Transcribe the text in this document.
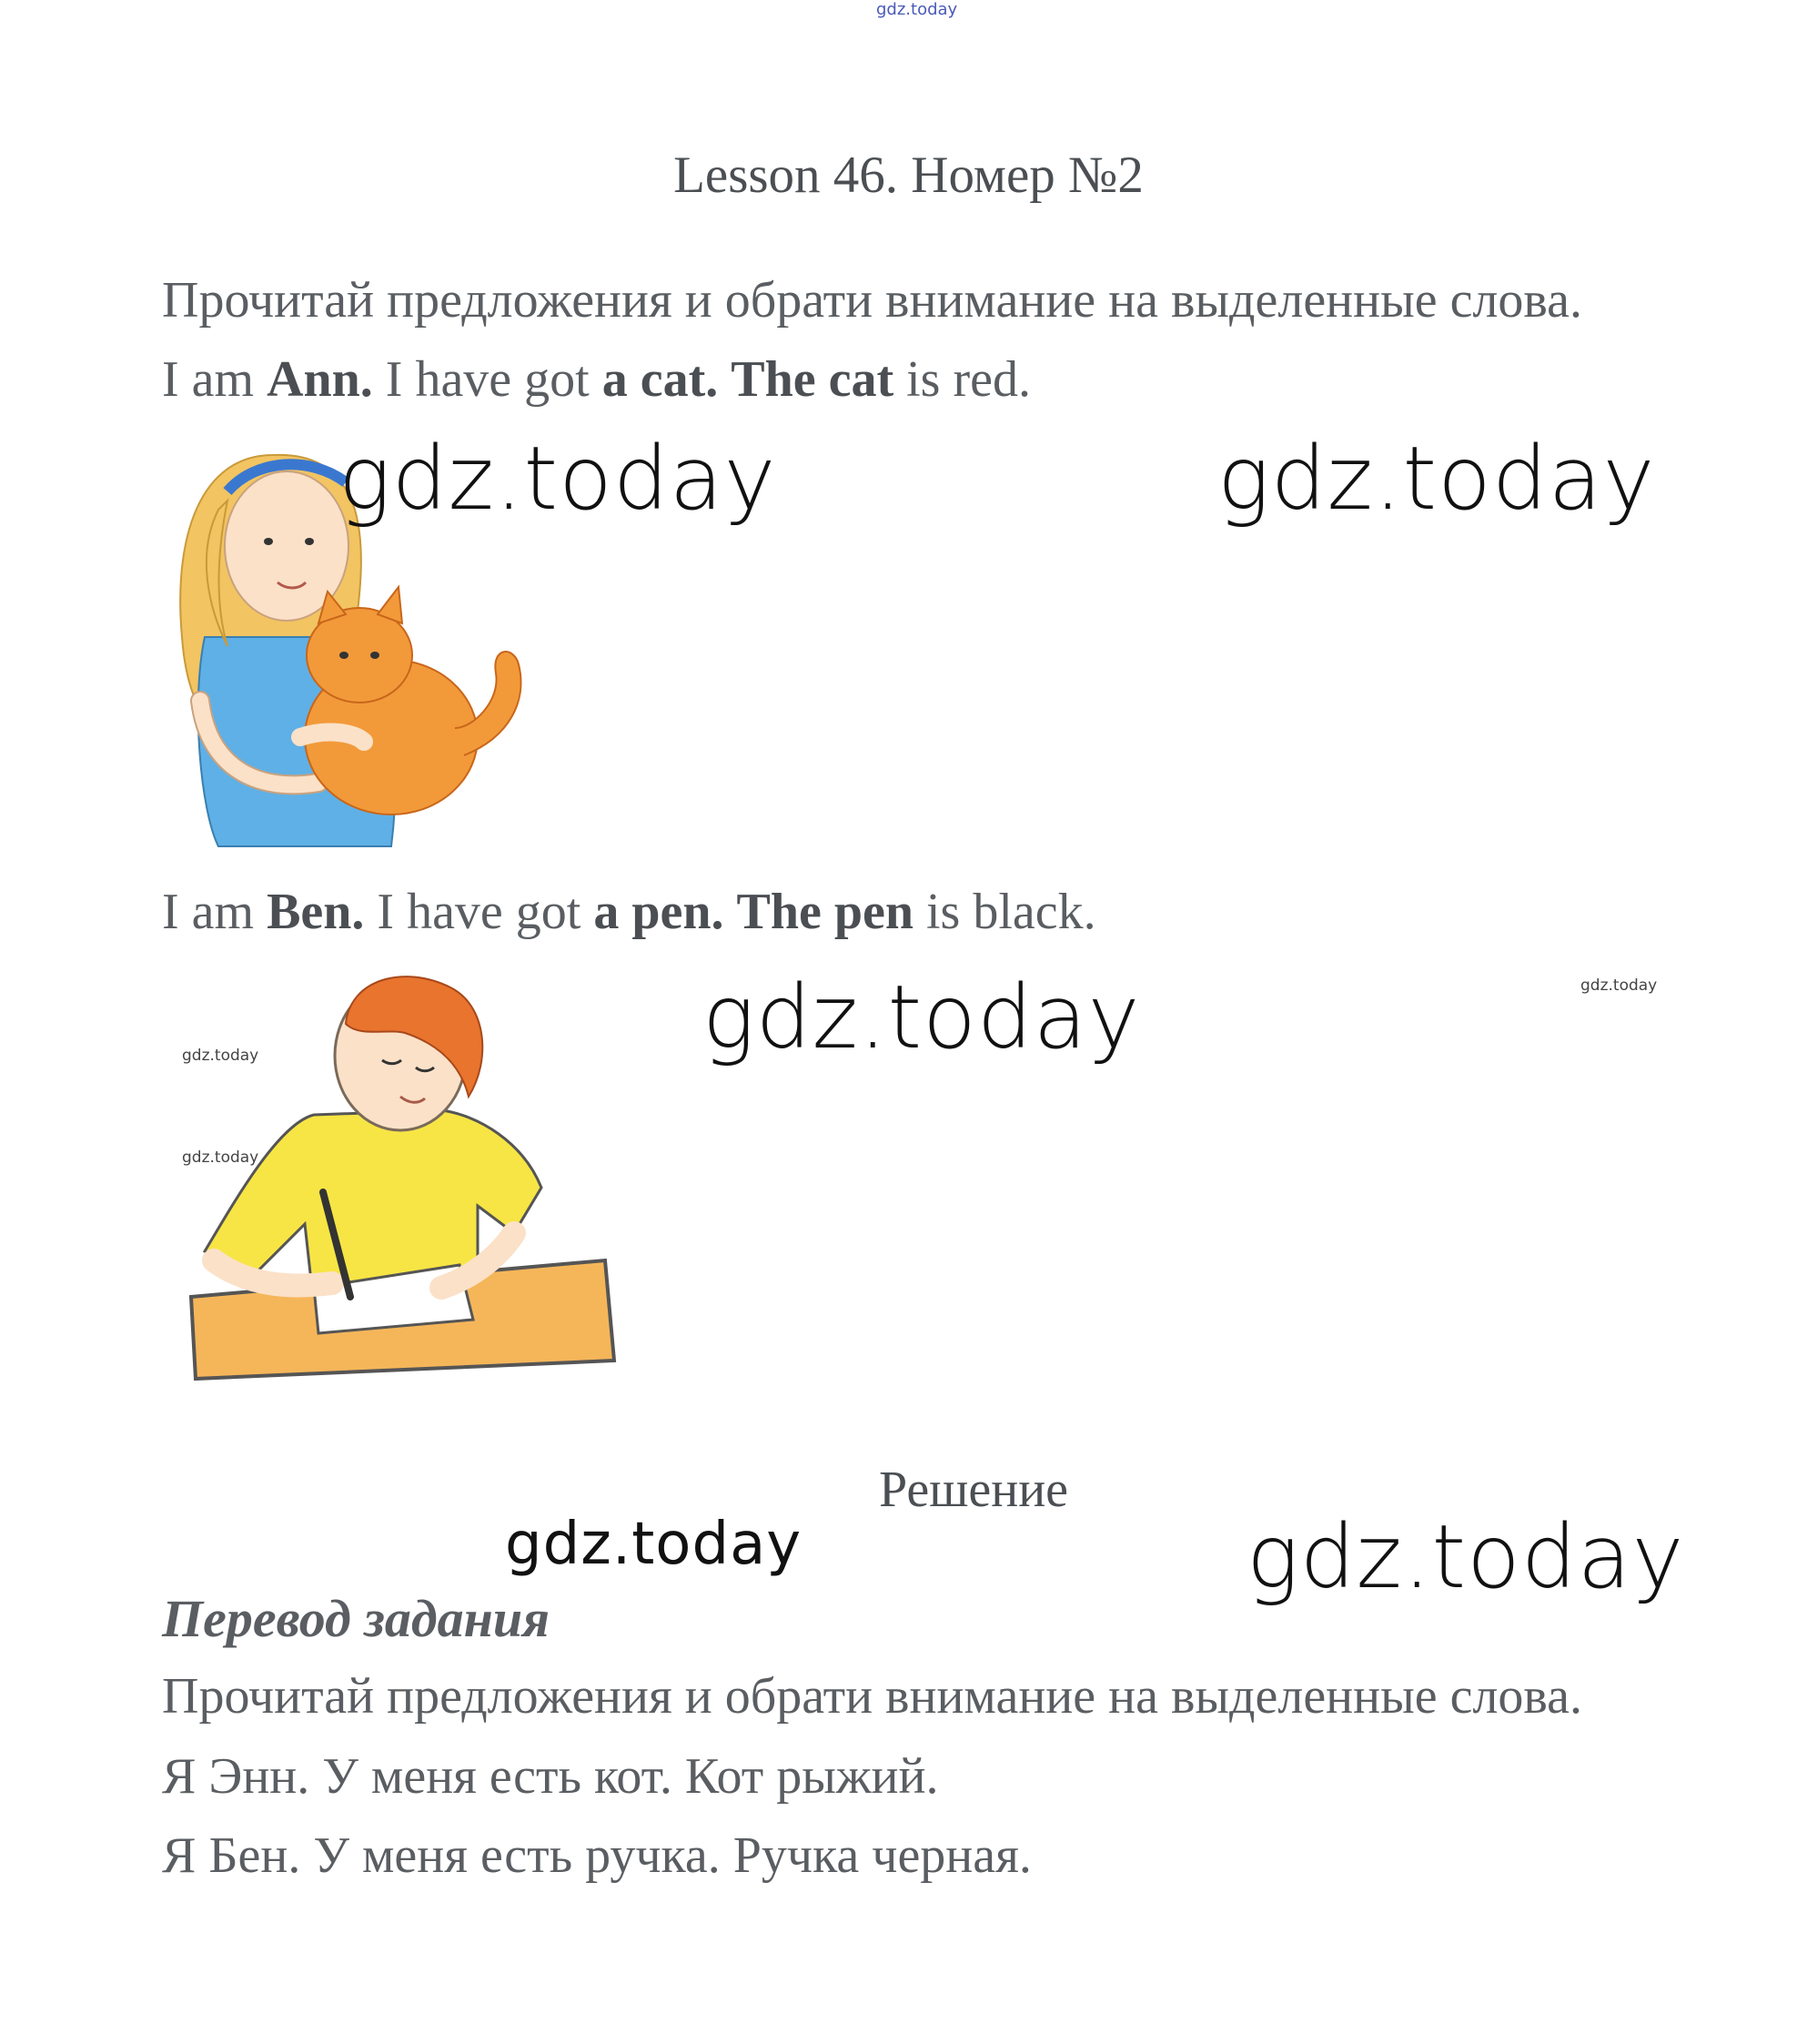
gdz.today
Lesson 46. Номер №2
Прочитай предложения и обрати внимание на выделенные слова.
I am Ann. I have got a cat. The cat is red.
gdz.today	gdz.today
I am Ben. I have got a pen. The pen is black.
gdz.today
gdz.today
gdz.today
gdz.today
Решение
gdz.today	gdz.today
Перевод задания
Прочитай предложения и обрати внимание на выделенные слова.
Я Энн. У меня есть кот. Кот рыжий.
Я Бен. У меня есть ручка. Ручка черная.
